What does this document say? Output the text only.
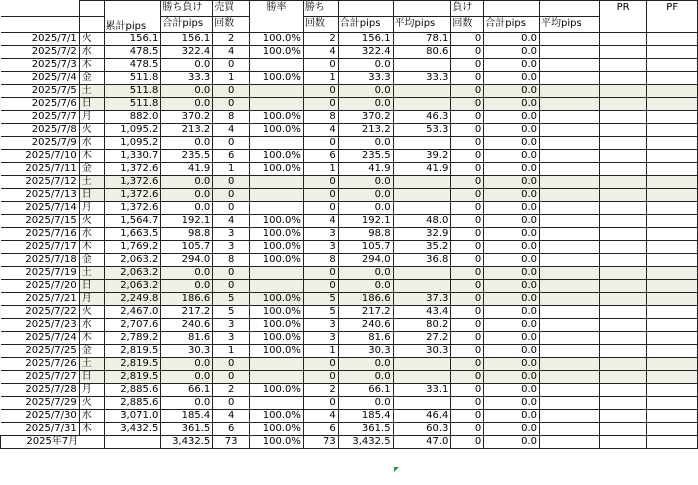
		累計pips	勝ち負け	売買	勝率	勝ち			負け			PR	PF
			合計pips	回数		回数	合計pips	平均pips	回数	合計pips	平均pips		
2025/7/1	火	156.1	156.1	2	100.0%	2	156.1	78.1	0	0.0			
2025/7/2	水	478.5	322.4	4	100.0%	4	322.4	80.6	0	0.0			
2025/7/3	木	478.5	0.0	0		0	0.0		0	0.0			
2025/7/4	金	511.8	33.3	1	100.0%	1	33.3	33.3	0	0.0			
2025/7/5	土	511.8	0.0	0		0	0.0		0	0.0			
2025/7/6	日	511.8	0.0	0		0	0.0		0	0.0			
2025/7/7	月	882.0	370.2	8	100.0%	8	370.2	46.3	0	0.0			
2025/7/8	火	1,095.2	213.2	4	100.0%	4	213.2	53.3	0	0.0			
2025/7/9	水	1,095.2	0.0	0		0	0.0		0	0.0			
2025/7/10	木	1,330.7	235.5	6	100.0%	6	235.5	39.2	0	0.0			
2025/7/11	金	1,372.6	41.9	1	100.0%	1	41.9	41.9	0	0.0			
2025/7/12	土	1,372.6	0.0	0		0	0.0		0	0.0			
2025/7/13	日	1,372.6	0.0	0		0	0.0		0	0.0			
2025/7/14	月	1,372.6	0.0	0		0	0.0		0	0.0			
2025/7/15	火	1,564.7	192.1	4	100.0%	4	192.1	48.0	0	0.0			
2025/7/16	水	1,663.5	98.8	3	100.0%	3	98.8	32.9	0	0.0			
2025/7/17	木	1,769.2	105.7	3	100.0%	3	105.7	35.2	0	0.0			
2025/7/18	金	2,063.2	294.0	8	100.0%	8	294.0	36.8	0	0.0			
2025/7/19	土	2,063.2	0.0	0		0	0.0		0	0.0			
2025/7/20	日	2,063.2	0.0	0		0	0.0		0	0.0			
2025/7/21	月	2,249.8	186.6	5	100.0%	5	186.6	37.3	0	0.0			
2025/7/22	火	2,467.0	217.2	5	100.0%	5	217.2	43.4	0	0.0			
2025/7/23	水	2,707.6	240.6	3	100.0%	3	240.6	80.2	0	0.0			
2025/7/24	木	2,789.2	81.6	3	100.0%	3	81.6	27.2	0	0.0			
2025/7/25	金	2,819.5	30.3	1	100.0%	1	30.3	30.3	0	0.0			
2025/7/26	土	2,819.5	0.0	0		0	0.0		0	0.0			
2025/7/27	日	2,819.5	0.0	0		0	0.0		0	0.0			
2025/7/28	月	2,885.6	66.1	2	100.0%	2	66.1	33.1	0	0.0			
2025/7/29	火	2,885.6	0.0	0		0	0.0		0	0.0			
2025/7/30	水	3,071.0	185.4	4	100.0%	4	185.4	46.4	0	0.0			
2025/7/31	木	3,432.5	361.5	6	100.0%	6	361.5	60.3	0	0.0			
2025年7月			3,432.5	73	100.0%	73	3,432.5	47.0	0	0.0			
